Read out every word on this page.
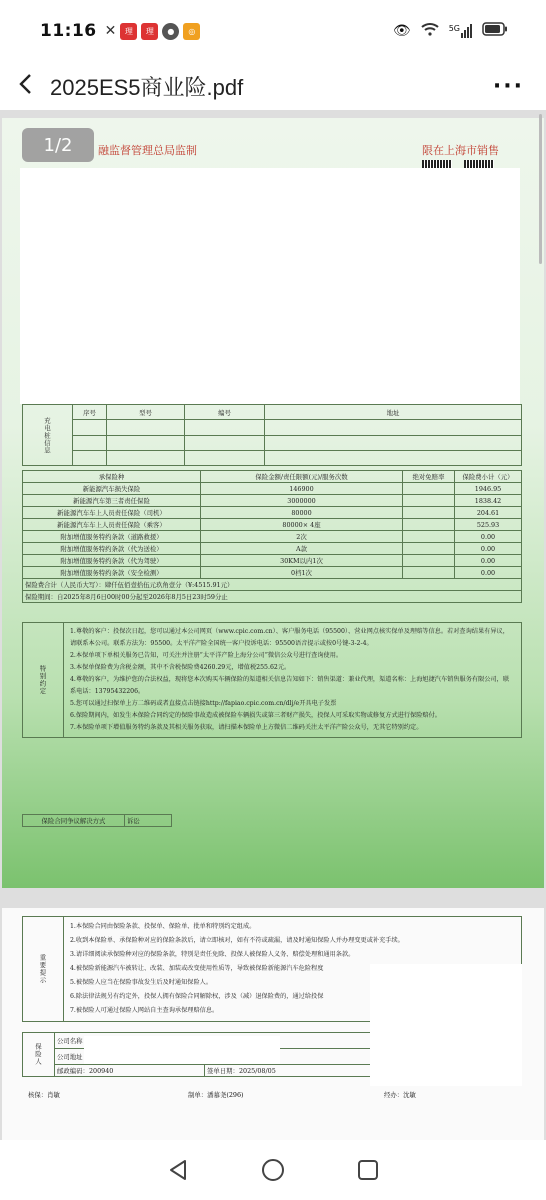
11:16 ✕	理	理	●	◎	👁	5G
2025ES5商业险.pdf	···
融监督管理总局监制	限在上海市销售
充电桩信息	序号	型号	编号	地址

承保险种	保险金额/责任限额(元)/服务次数	绝对免赔率	保险费小计（元）
新能源汽车损失保险	146900		1946.95
新能源汽车第三者责任保险	3000000		1838.42
新能源汽车车上人员责任保险（司机）	80000		204.61
新能源汽车车上人员责任保险（乘客）	80000× 4座		525.93
附加增值服务特约条款（道路救援）	2次		0.00
附加增值服务特约条款（代为送检）	A款		0.00
附加增值服务特约条款（代为驾驶）	30KM以内1次		0.00
附加增值服务特约条款（安全检测）	0档1次		0.00
保险费合计（人民币大写）：肆仟伍佰壹拾伍元玖角壹分（¥:4515.91元）			
保险期间：自2025年8月6日00时00分起至2026年8月5日23时59分止			
特别约定	

1.尊敬的客户：投保次日起，您可以通过本公司网页（www.cpic.com.cn）、客户服务电话（95500）、营业网点核实保单及理赔等信息。若对查询结果有异议，请联系本公司。联系方法为：95500。太平洋产险全国统一客户投诉电话：95500语音提示或按0号键-3-2-4。

2.本保单项下单相关服务已告知，可关注并注册“太平洋产险上海分公司”微信公众号进行查询使用。

3.本保单保险费为含税金额，其中不含税保险费4260.29元，增值税255.62元。

4.尊敬的客户，为维护您的合法权益，现将您本次购买车辆保险的渠道相关信息告知如下：销售渠道：兼业代理，渠道名称：上海旭捷汽车销售服务有限公司，联系电话：13795432206。

5.您可以通过扫保单上方二维码或者直接点击链接http://fapiao.cpic.com.cn/dlj/e开具电子发票

6.保险期间内，如发生本保险合同约定的保险事故造成被保险车辆损失或第三者财产损失，投保人可采取实物或修复方式进行保险赔付。

7.本保险单项下增值服务特约条款及其相关服务获取，请扫描本保险单上方微信二维码关注太平洋产险公众号，无其它特别约定。

保险合同争议解决方式	诉讼
重要提示	

1.本保险合同由保险条款、投保单、保险单、批单和特别约定组成。

2.收到本保险单、承保险种对应的保险条款后，请立即核对，如有不符或疏漏，请及时通知保险人并办理变更或补充手续。

3.请详细阅读承保险种对应的保险条款，特别是责任免除、投保人被保险人义务、赔偿处理和通用条款。

4.被保险新能源汽车被转让、改装、加装或改变使用性质等，导致被保险新能源汽车危险程度

5.被保险人应当在保险事故发生后及时通知保险人。

6.除法律法规另有约定外，投保人拥有保险合同解除权，涉及（减）退保险费的，通过给投保

7.被保险人可通过保险人网站自主查询承保理赔信息。

保险人	公司名称		
	公司地址		
	邮政编码：200940	签单日期：2025/08/05	
核保：肖敏	制单：潘慕尧(296)	经办：沈敏
1/2
